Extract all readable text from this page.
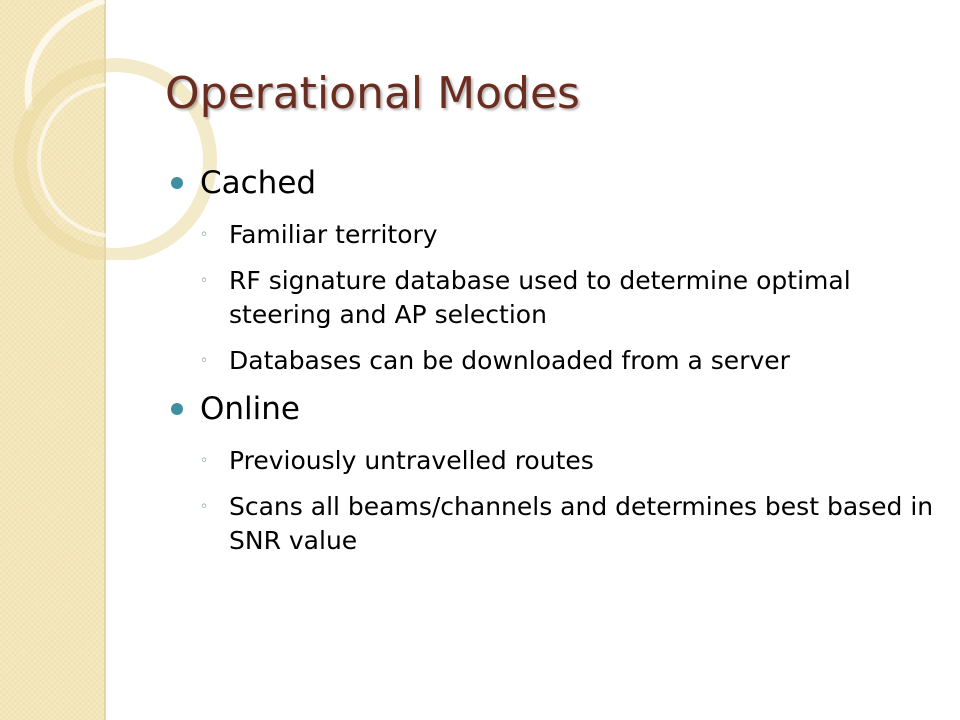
Operational Modes
Cached
◦ Familiar territory
◦ RF signature database used to determine optimal steering and AP selection
◦ Databases can be downloaded from a server
Online
◦ Previously untravelled routes
◦ Scans all beams/channels and determines best based in SNR value
